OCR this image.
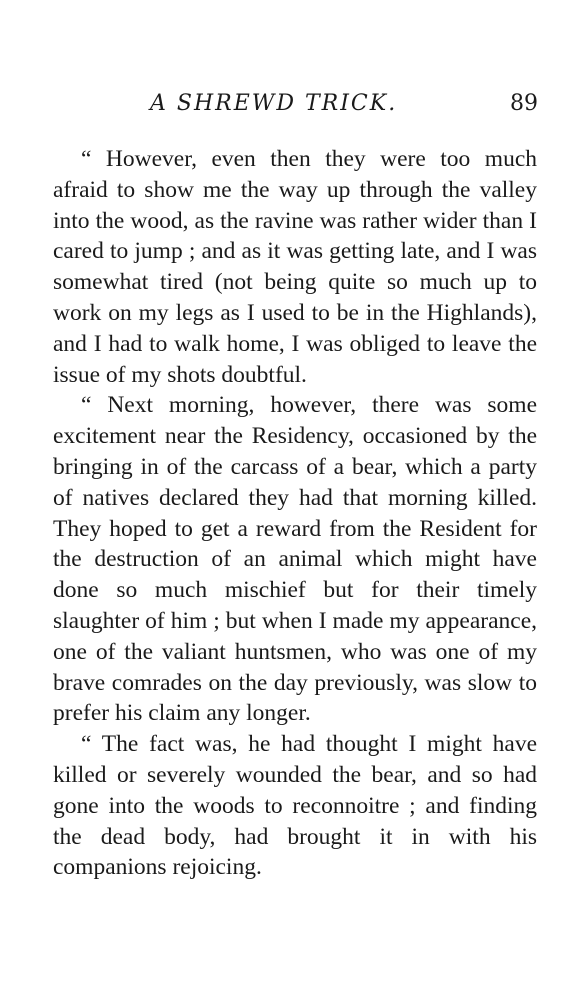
A SHREWD TRICK.	89

“ However, even then they were too much afraid to show me the way up through the valley into the wood, as the ravine was rather wider than I cared to jump ; and as it was getting late, and I was somewhat tired (not being quite so much up to work on my legs as I used to be in the Highlands), and I had to walk home, I was obliged to leave the issue of my shots doubtful.

“ Next morning, however, there was some excitement near the Residency, occasioned by the bringing in of the carcass of a bear, which a party of natives declared they had that morning killed. They hoped to get a reward from the Resident for the destruction of an animal which might have done so much mischief but for their timely slaughter of him ; but when I made my appearance, one of the valiant huntsmen, who was one of my brave comrades on the day previously, was slow to prefer his claim any longer.

“ The fact was, he had thought I might have killed or severely wounded the bear, and so had gone into the woods to reconnoitre ; and finding the dead body, had brought it in with his companions rejoicing.
